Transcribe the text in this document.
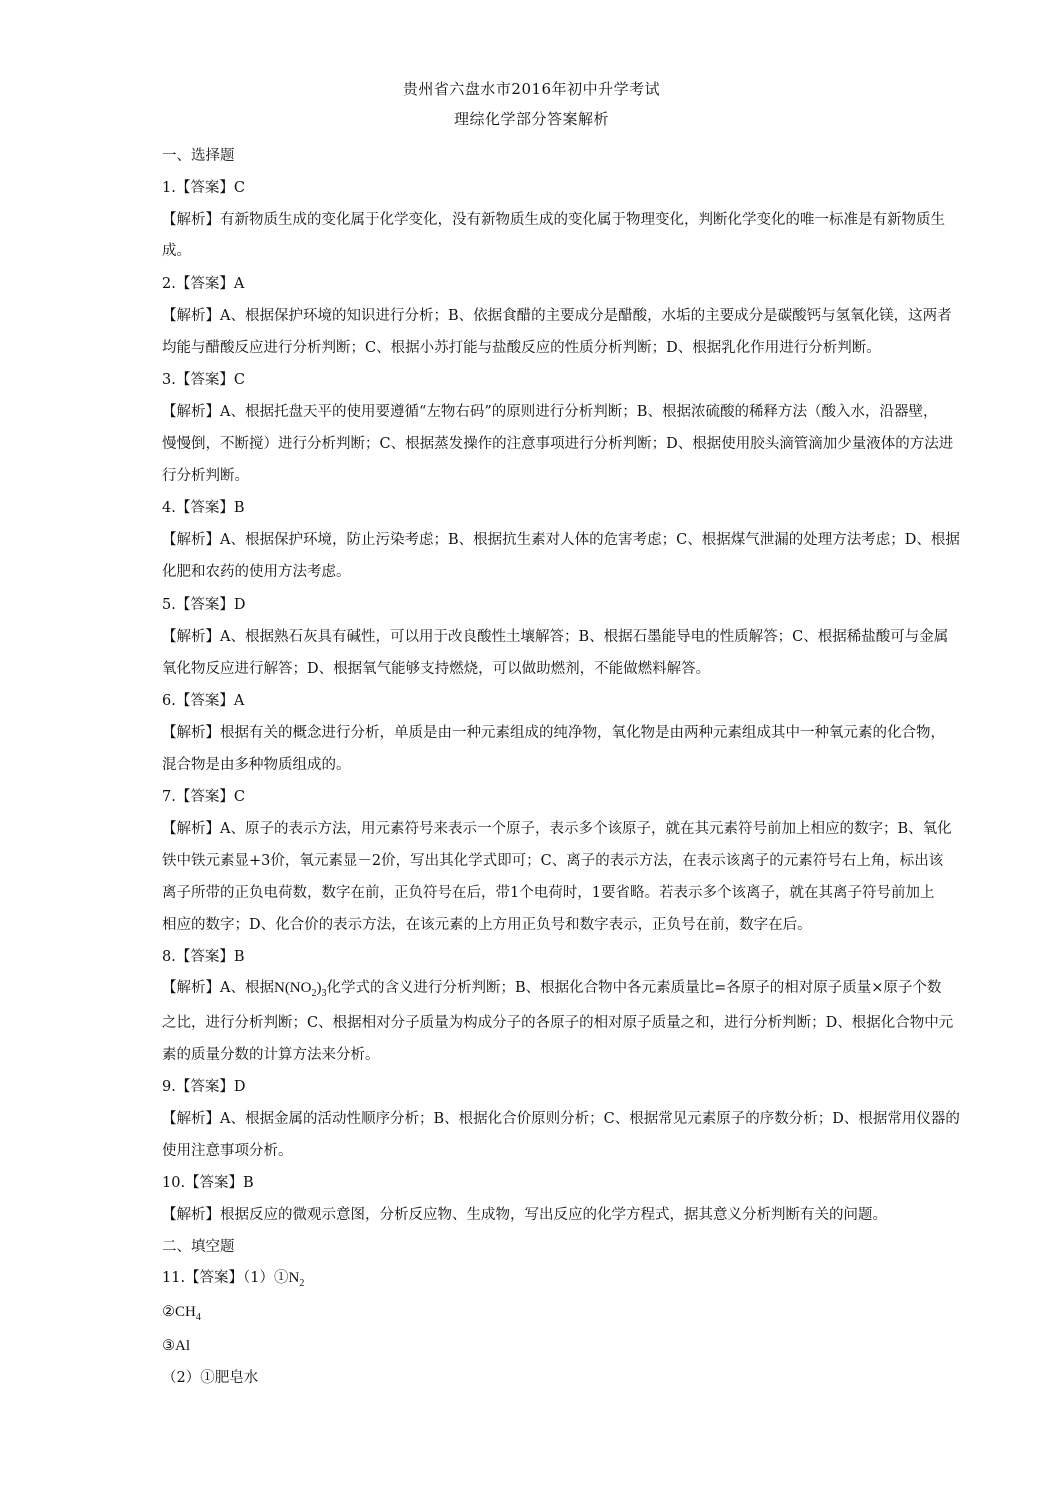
贵州省六盘水市2016年初中升学考试
理综化学部分答案解析
一、选择题
1.【答案】C
【解析】有新物质生成的变化属于化学变化，没有新物质生成的变化属于物理变化，判断化学变化的唯一标准是有新物质生
成。
2.【答案】A
【解析】A、根据保护环境的知识进行分析；B、依据食醋的主要成分是醋酸，水垢的主要成分是碳酸钙与氢氧化镁，这两者
均能与醋酸反应进行分析判断；C、根据小苏打能与盐酸反应的性质分析判断；D、根据乳化作用进行分析判断。
3.【答案】C
【解析】A、根据托盘天平的使用要遵循“左物右码”的原则进行分析判断；B、根据浓硫酸的稀释方法（酸入水，沿器壁，
慢慢倒，不断搅）进行分析判断；C、根据蒸发操作的注意事项进行分析判断；D、根据使用胶头滴管滴加少量液体的方法进
行分析判断。
4.【答案】B
【解析】A、根据保护环境，防止污染考虑；B、根据抗生素对人体的危害考虑；C、根据煤气泄漏的处理方法考虑；D、根据
化肥和农药的使用方法考虑。
5.【答案】D
【解析】A、根据熟石灰具有碱性，可以用于改良酸性土壤解答；B、根据石墨能导电的性质解答；C、根据稀盐酸可与金属
氧化物反应进行解答；D、根据氧气能够支持燃烧，可以做助燃剂，不能做燃料解答。
6.【答案】A
【解析】根据有关的概念进行分析，单质是由一种元素组成的纯净物，氧化物是由两种元素组成其中一种氧元素的化合物，
混合物是由多种物质组成的。
7.【答案】C
【解析】A、原子的表示方法，用元素符号来表示一个原子，表示多个该原子，就在其元素符号前加上相应的数字；B、氧化
铁中铁元素显+3价，氧元素显－2价，写出其化学式即可；C、离子的表示方法，在表示该离子的元素符号右上角，标出该
离子所带的正负电荷数，数字在前，正负符号在后，带1个电荷时，1要省略。若表示多个该离子，就在其离子符号前加上
相应的数字；D、化合价的表示方法，在该元素的上方用正负号和数字表示，正负号在前，数字在后。
8.【答案】B
【解析】A、根据$N(NO_2)_3$化学式的含义进行分析判断；B、根据化合物中各元素质量比=各原子的相对原子质量×原子个数
之比，进行分析判断；C、根据相对分子质量为构成分子的各原子的相对原子质量之和，进行分析判断；D、根据化合物中元
素的质量分数的计算方法来分析。
9.【答案】D
【解析】A、根据金属的活动性顺序分析；B、根据化合价原则分析；C、根据常见元素原子的序数分析；D、根据常用仪器的
使用注意事项分析。
10.【答案】B
【解析】根据反应的微观示意图，分析反应物、生成物，写出反应的化学方程式，据其意义分析判断有关的问题。
二、填空题
11.【答案】$(1)①N_2$
$②CH_4$
③Al
（2）①肥皂水
